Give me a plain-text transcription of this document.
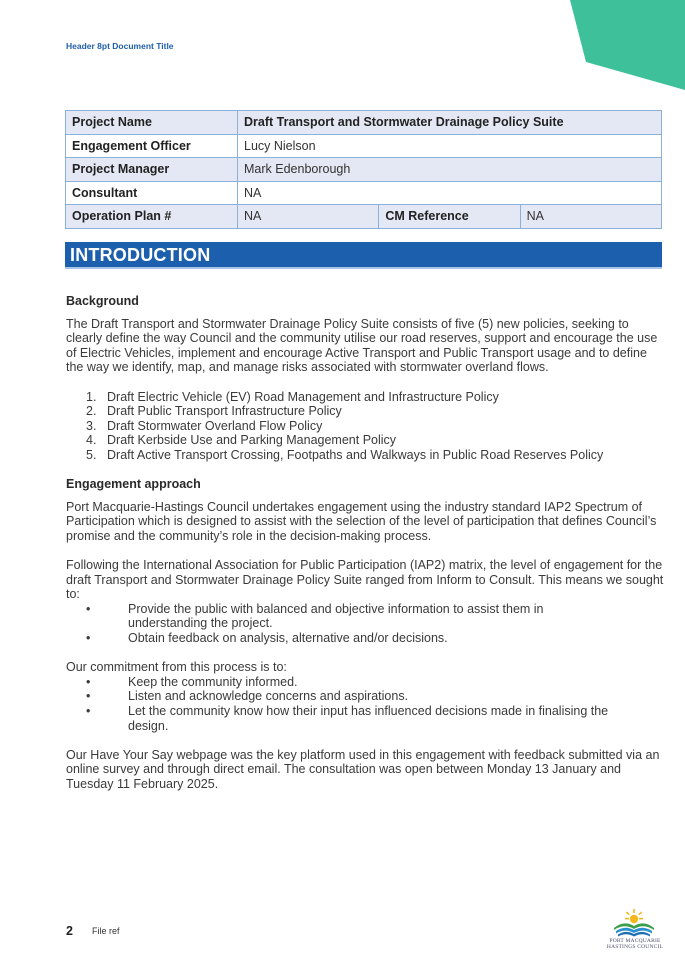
Header 8pt Document Title
Project Name	Draft Transport and Stormwater Drainage Policy Suite		
Engagement Officer	Lucy Nielson		
Project Manager	Mark Edenborough		
Consultant	NA		
Operation Plan #	NA	CM Reference	NA
INTRODUCTION
Background

The Draft Transport and Stormwater Drainage Policy Suite consists of five (5) new policies, seeking to clearly define the way Council and the community utilise our road reserves, support and encourage the use of Electric Vehicles, implement and encourage Active Transport and Public Transport usage and to define the way we identify, map, and manage risks associated with stormwater overland flows.

1. Draft Electric Vehicle (EV) Road Management and Infrastructure Policy
2. Draft Public Transport Infrastructure Policy
3. Draft Stormwater Overland Flow Policy
4. Draft Kerbside Use and Parking Management Policy
5. Draft Active Transport Crossing, Footpaths and Walkways in Public Road Reserves Policy
Engagement approach

Port Macquarie-Hastings Council undertakes engagement using the industry standard IAP2 Spectrum of Participation which is designed to assist with the selection of the level of participation that defines Council’s promise and the community’s role in the decision-making process.

Following the International Association for Public Participation (IAP2) matrix, the level of engagement for the draft Transport and Stormwater Drainage Policy Suite ranged from Inform to Consult. This means we sought to:

•	Provide the public with balanced and objective information to assist them in understanding the project.
•	Obtain feedback on analysis, alternative and/or decisions.

Our commitment from this process is to:

•	Keep the community informed.
•	Listen and acknowledge concerns and aspirations.
•	Let the community know how their input has influenced decisions made in finalising the design.

Our Have Your Say webpage was the key platform used in this engagement with feedback submitted via an online survey and through direct email. The consultation was open between Monday 13 January and Tuesday 11 February 2025.

2 File ref
PORT MACQUARIE
HASTINGS COUNCIL
